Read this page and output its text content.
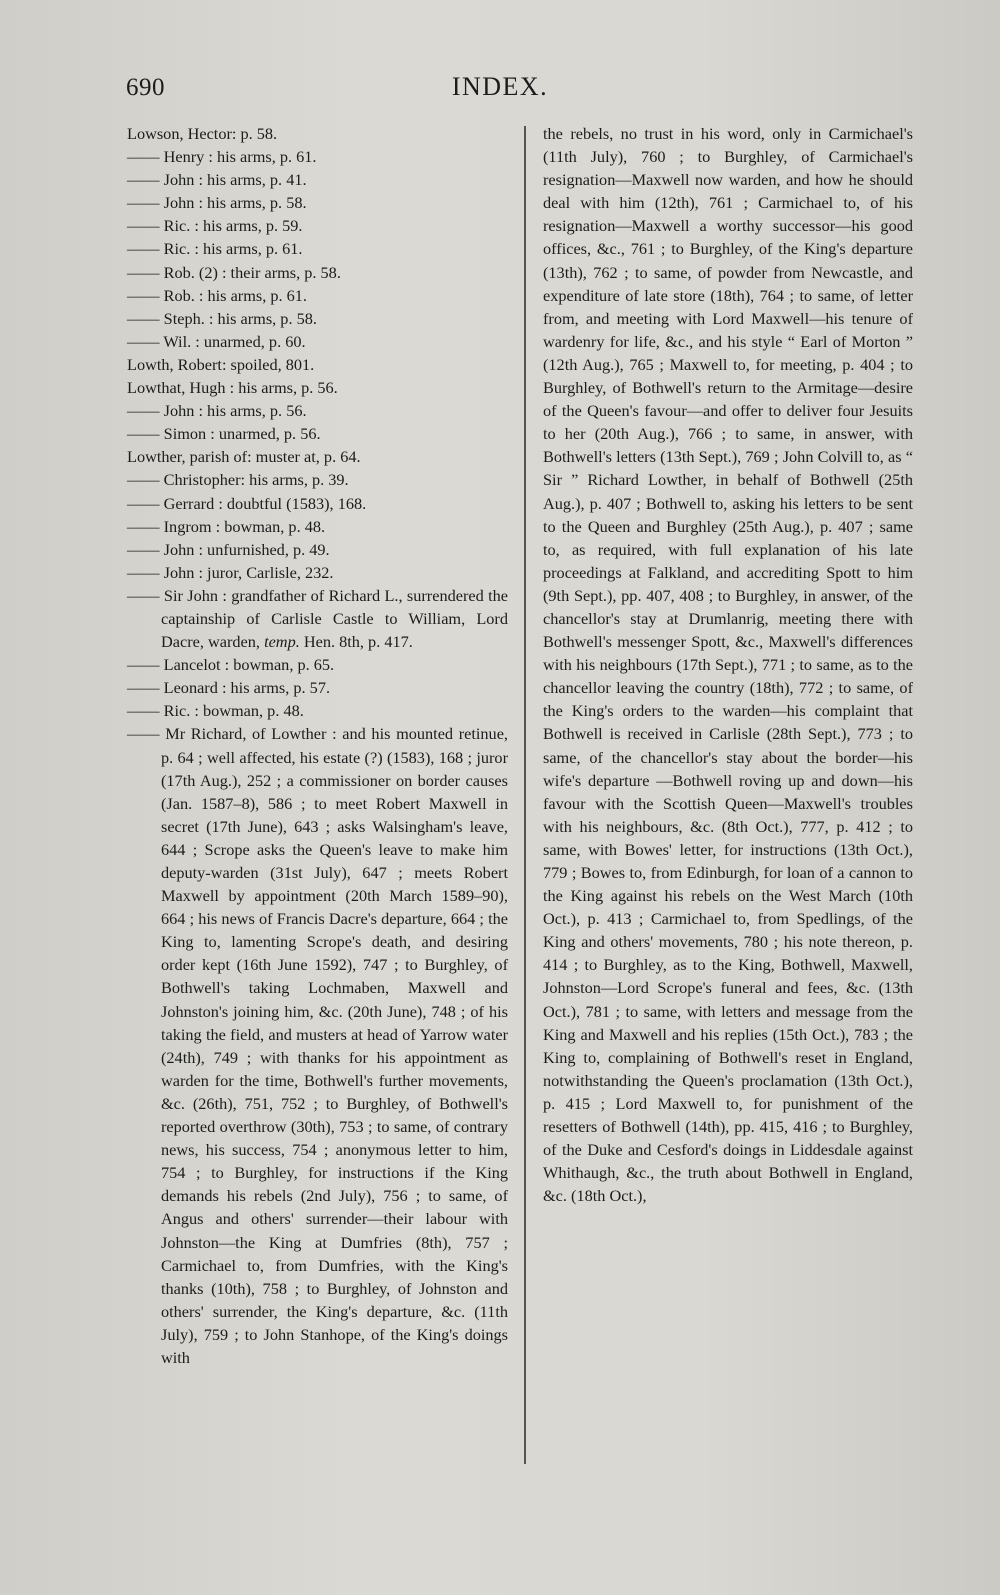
690	INDEX.

Lowson, Hector: p. 58.

—— Henry : his arms, p. 61.

—— John : his arms, p. 41.

—— John : his arms, p. 58.

—— Ric. : his arms, p. 59.

—— Ric. : his arms, p. 61.

—— Rob. (2) : their arms, p. 58.

—— Rob. : his arms, p. 61.

—— Steph. : his arms, p. 58.

—— Wil. : unarmed, p. 60.

Lowth, Robert: spoiled, 801.

Lowthat, Hugh : his arms, p. 56.

—— John : his arms, p. 56.

—— Simon : unarmed, p. 56.

Lowther, parish of: muster at, p. 64.

—— Christopher: his arms, p. 39.

—— Gerrard : doubtful (1583), 168.

—— Ingrom : bowman, p. 48.

—— John : unfurnished, p. 49.

—— John : juror, Carlisle, 232.

—— Sir John : grandfather of Richard L., surrendered the captainship of Carlisle Castle to William, Lord Dacre, warden, temp. Hen. 8th, p. 417.

—— Lancelot : bowman, p. 65.

—— Leonard : his arms, p. 57.

—— Ric. : bowman, p. 48.

—— Mr Richard, of Lowther : and his mounted retinue, p. 64 ; well affected, his estate (?) (1583), 168 ; juror (17th Aug.), 252 ; a commissioner on border causes (Jan. 1587–8), 586 ; to meet Robert Maxwell in secret (17th June), 643 ; asks Walsingham's leave, 644 ; Scrope asks the Queen's leave to make him deputy-warden (31st July), 647 ; meets Robert Maxwell by appointment (20th March 1589–90), 664 ; his news of Francis Dacre's departure, 664 ; the King to, lamenting Scrope's death, and desiring order kept (16th June 1592), 747 ; to Burghley, of Bothwell's taking Lochmaben, Maxwell and Johnston's joining him, &c. (20th June), 748 ; of his taking the field, and musters at head of Yarrow water (24th), 749 ; with thanks for his appointment as warden for the time, Bothwell's further movements, &c. (26th), 751, 752 ; to Burghley, of Bothwell's reported overthrow (30th), 753 ; to same, of contrary news, his success, 754 ; anonymous letter to him, 754 ; to Burghley, for instructions if the King demands his rebels (2nd July), 756 ; to same, of Angus and others' surrender—their labour with Johnston—the King at Dumfries (8th), 757 ; Carmichael to, from Dumfries, with the King's thanks (10th), 758 ; to Burghley, of Johnston and others' surrender, the King's departure, &c. (11th July), 759 ; to John Stanhope, of the King's doings with

the rebels, no trust in his word, only in Carmichael's (11th July), 760 ; to Burghley, of Carmichael's resignation—Maxwell now warden, and how he should deal with him (12th), 761 ; Carmichael to, of his resignation—Maxwell a worthy successor—his good offices, &c., 761 ; to Burghley, of the King's departure (13th), 762 ; to same, of powder from Newcastle, and expenditure of late store (18th), 764 ; to same, of letter from, and meeting with Lord Maxwell—his tenure of wardenry for life, &c., and his style “ Earl of Morton ” (12th Aug.), 765 ; Maxwell to, for meeting, p. 404 ; to Burghley, of Bothwell's return to the Armitage—desire of the Queen's favour—and offer to deliver four Jesuits to her (20th Aug.), 766 ; to same, in answer, with Bothwell's letters (13th Sept.), 769 ; John Colvill to, as “ Sir ” Richard Lowther, in behalf of Bothwell (25th Aug.), p. 407 ; Bothwell to, asking his letters to be sent to the Queen and Burghley (25th Aug.), p. 407 ; same to, as required, with full explanation of his late proceedings at Falkland, and accrediting Spott to him (9th Sept.), pp. 407, 408 ; to Burghley, in answer, of the chancellor's stay at Drumlanrig, meeting there with Bothwell's messenger Spott, &c., Maxwell's differences with his neighbours (17th Sept.), 771 ; to same, as to the chancellor leaving the country (18th), 772 ; to same, of the King's orders to the warden—his complaint that Bothwell is received in Carlisle (28th Sept.), 773 ; to same, of the chancellor's stay about the border—his wife's departure —Bothwell roving up and down—his favour with the Scottish Queen—Maxwell's troubles with his neighbours, &c. (8th Oct.), 777, p. 412 ; to same, with Bowes' letter, for instructions (13th Oct.), 779 ; Bowes to, from Edinburgh, for loan of a cannon to the King against his rebels on the West March (10th Oct.), p. 413 ; Carmichael to, from Spedlings, of the King and others' movements, 780 ; his note thereon, p. 414 ; to Burghley, as to the King, Bothwell, Maxwell, Johnston—Lord Scrope's funeral and fees, &c. (13th Oct.), 781 ; to same, with letters and message from the King and Maxwell and his replies (15th Oct.), 783 ; the King to, complaining of Bothwell's reset in England, notwithstanding the Queen's proclamation (13th Oct.), p. 415 ; Lord Maxwell to, for punishment of the resetters of Bothwell (14th), pp. 415, 416 ; to Burghley, of the Duke and Cesford's doings in Liddesdale against Whithaugh, &c., the truth about Bothwell in England, &c. (18th Oct.),
